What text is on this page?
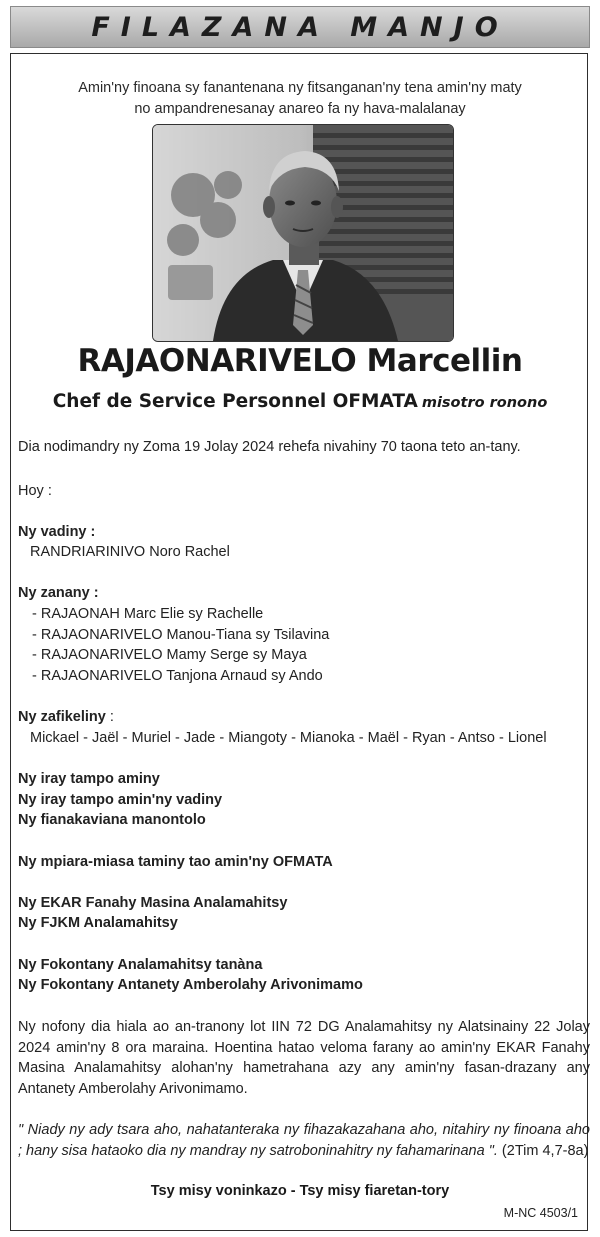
FILAZANA MANJO
Amin'ny finoana sy fanantenana ny fitsanganan'ny tena amin'ny maty
no ampandrenesanay anareo fa ny hava-malalanay
RAJAONARIVELO Marcellin
Chef de Service Personnel OFMATA misotro ronono
Dia nodimandry ny Zoma 19 Jolay 2024 rehefa nivahiny 70 taona teto an-tany.
Hoy :
Ny vadiny :
RANDRIARINIVO Noro Rachel
Ny zanany :
- RAJAONAH Marc Elie sy Rachelle
- RAJAONARIVELO Manou-Tiana sy Tsilavina
- RAJAONARIVELO Mamy Serge sy Maya
- RAJAONARIVELO Tanjona Arnaud sy Ando
Ny zafikeliny :
Mickael - Jaël - Muriel - Jade - Miangoty - Mianoka - Maël - Ryan - Antso - Lionel
Ny iray tampo aminy
Ny iray tampo amin'ny vadiny
Ny fianakaviana manontolo
Ny mpiara-miasa taminy tao amin'ny OFMATA
Ny EKAR Fanahy Masina Analamahitsy
Ny FJKM Analamahitsy
Ny Fokontany Analamahitsy tanàna
Ny Fokontany Antanety Amberolahy Arivonimamo
Ny nofony dia hiala ao an-tranony lot IIN 72 DG Analamahitsy ny Alatsinainy 22 Jolay 2024 amin'ny 8 ora maraina. Hoentina hatao veloma farany ao amin'ny EKAR Fanahy Masina Analamahitsy alohan'ny hametrahana azy any amin'ny fasan-drazany any Antanety Amberolahy Arivonimamo.
" Niady ny ady tsara aho, nahatanteraka ny fihazakazahana aho, nitahiry ny finoana aho ; hany sisa hataoko dia ny mandray ny satroboninahitry ny fahamarinana ". (2Tim 4,7-8a)
Tsy misy voninkazo - Tsy misy fiaretan-tory
M-NC 4503/1
